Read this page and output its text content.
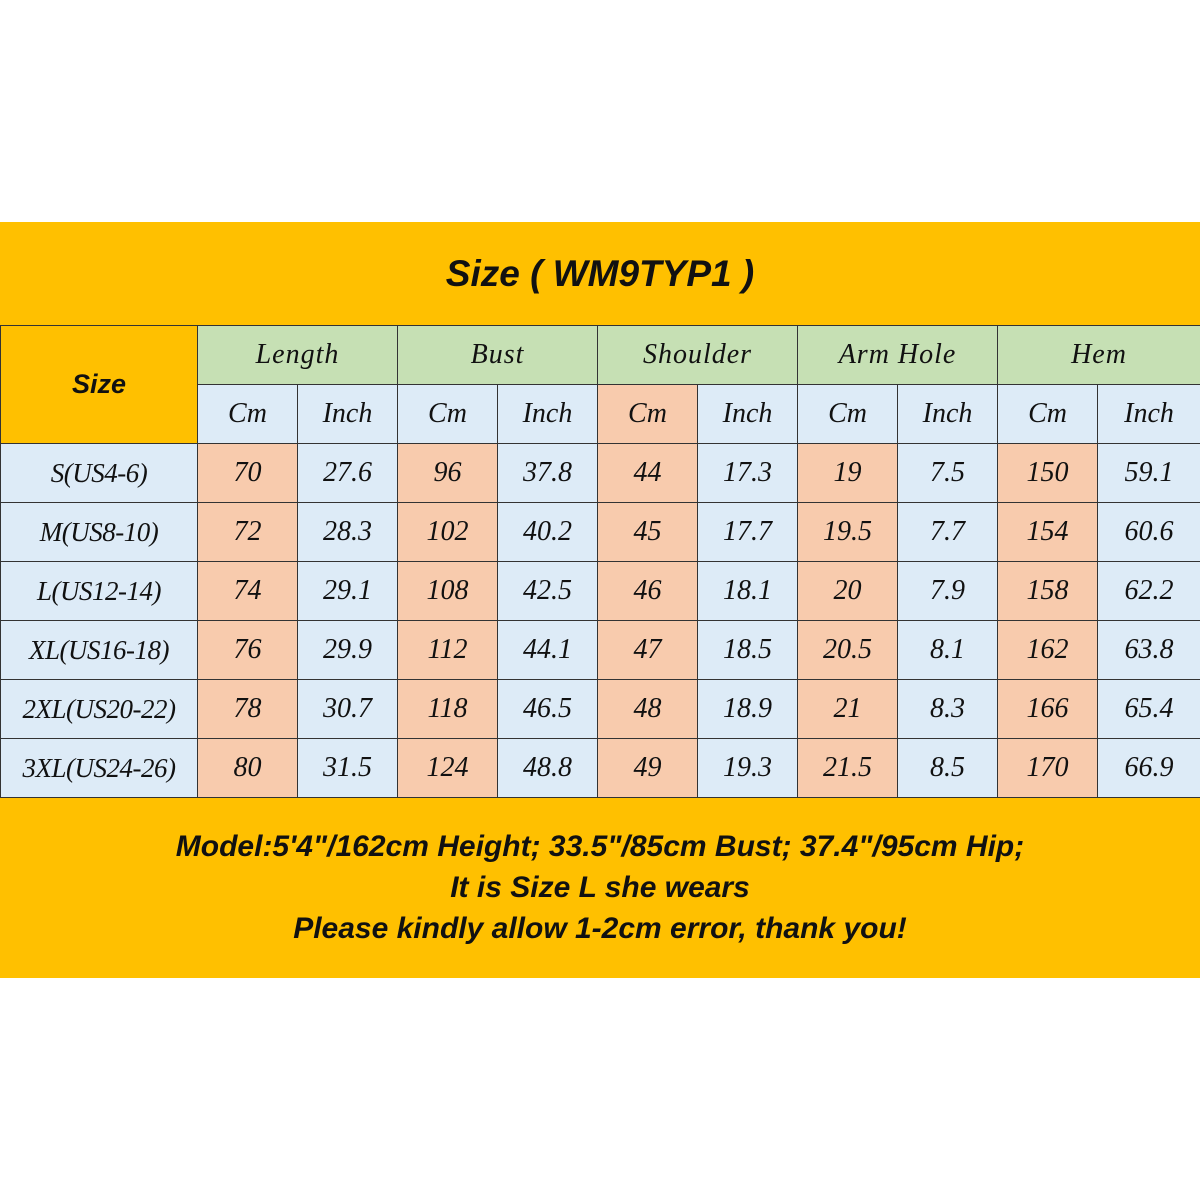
Size ( WM9TYP1 )
Size	Length		Bust		Shoulder		Arm Hole		Hem	
	Cm	Inch	Cm	Inch	Cm	Inch	Cm	Inch	Cm	Inch
S(US4-6)	70	27.6	96	37.8	44	17.3	19	7.5	150	59.1
M(US8-10)	72	28.3	102	40.2	45	17.7	19.5	7.7	154	60.6
L(US12-14)	74	29.1	108	42.5	46	18.1	20	7.9	158	62.2
XL(US16-18)	76	29.9	112	44.1	47	18.5	20.5	8.1	162	63.8
2XL(US20-22)	78	30.7	118	46.5	48	18.9	21	8.3	166	65.4
3XL(US24-26)	80	31.5	124	48.8	49	19.3	21.5	8.5	170	66.9
Model:5'4"/162cm Height; 33.5"/85cm Bust; 37.4"/95cm Hip;
It is Size L she wears
Please kindly allow 1-2cm error, thank you!
